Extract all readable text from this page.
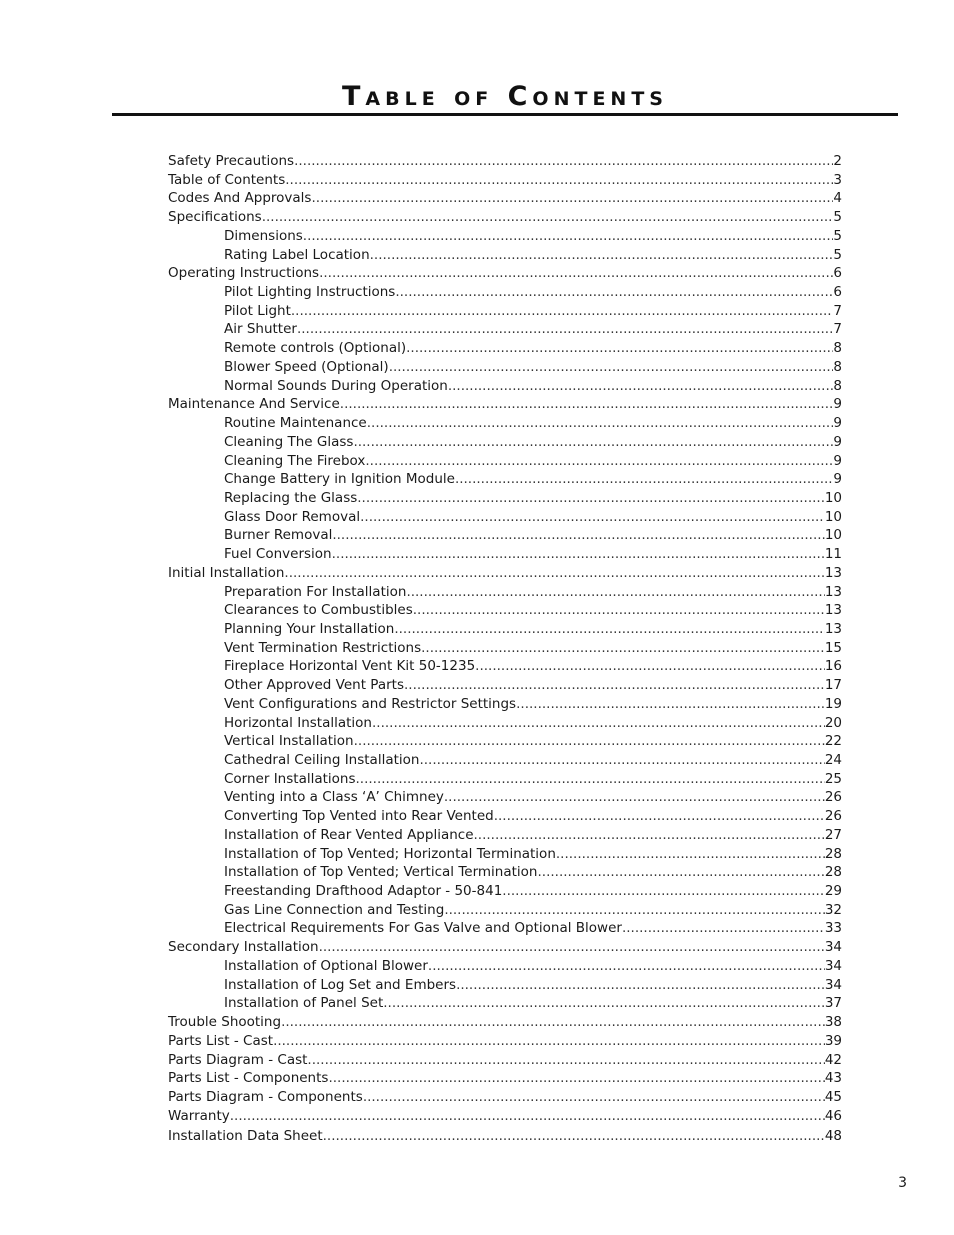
Table of Contents
Safety Precautions .....	2
Table of Contents .....	3
Codes And Approvals .....	4
Specifications .....	5
Dimensions .....	5
Rating Label Location .....	5
Operating Instructions .....	6
Pilot Lighting Instructions .....	6
Pilot Light .....	7
Air Shutter .....	7
Remote controls (Optional) .....	8
Blower Speed (Optional) .....	8
Normal Sounds During Operation .....	8
Maintenance And Service .....	9
Routine Maintenance .....	9
Cleaning The Glass .....	9
Cleaning The Firebox .....	9
Change Battery in Ignition Module .....	9
Replacing the Glass .....	10
Glass Door Removal .....	10
Burner Removal .....	10
Fuel Conversion .....	11
Initial Installation .....	13
Preparation For Installation .....	13
Clearances to Combustibles .....	13
Planning Your Installation .....	13
Vent Termination Restrictions .....	15
Fireplace Horizontal Vent Kit 50-1235 .....	16
Other Approved Vent Parts .....	17
Vent Configurations and Restrictor Settings .....	19
Horizontal Installation .....	20
Vertical Installation .....	22
Cathedral Ceiling Installation .....	24
Corner Installations .....	25
Venting into a Class ‘A’ Chimney .....	26
Converting Top Vented into Rear Vented .....	26
Installation of Rear Vented Appliance .....	27
Installation of Top Vented; Horizontal Termination .....	28
Installation of Top Vented; Vertical Termination .....	28
Freestanding Drafthood Adaptor - 50-841 .....	29
Gas Line Connection and Testing .....	32
Electrical Requirements For Gas Valve and Optional Blower .....	33
Secondary Installation .....	34
Installation of Optional Blower .....	34
Installation of Log Set and Embers .....	34
Installation of Panel Set .....	37
Trouble Shooting .....	38
Parts List - Cast .....	39
Parts Diagram - Cast .....	42
Parts List - Components .....	43
Parts Diagram - Components .....	45
Warranty .....	46
Installation Data Sheet .....	48
3
